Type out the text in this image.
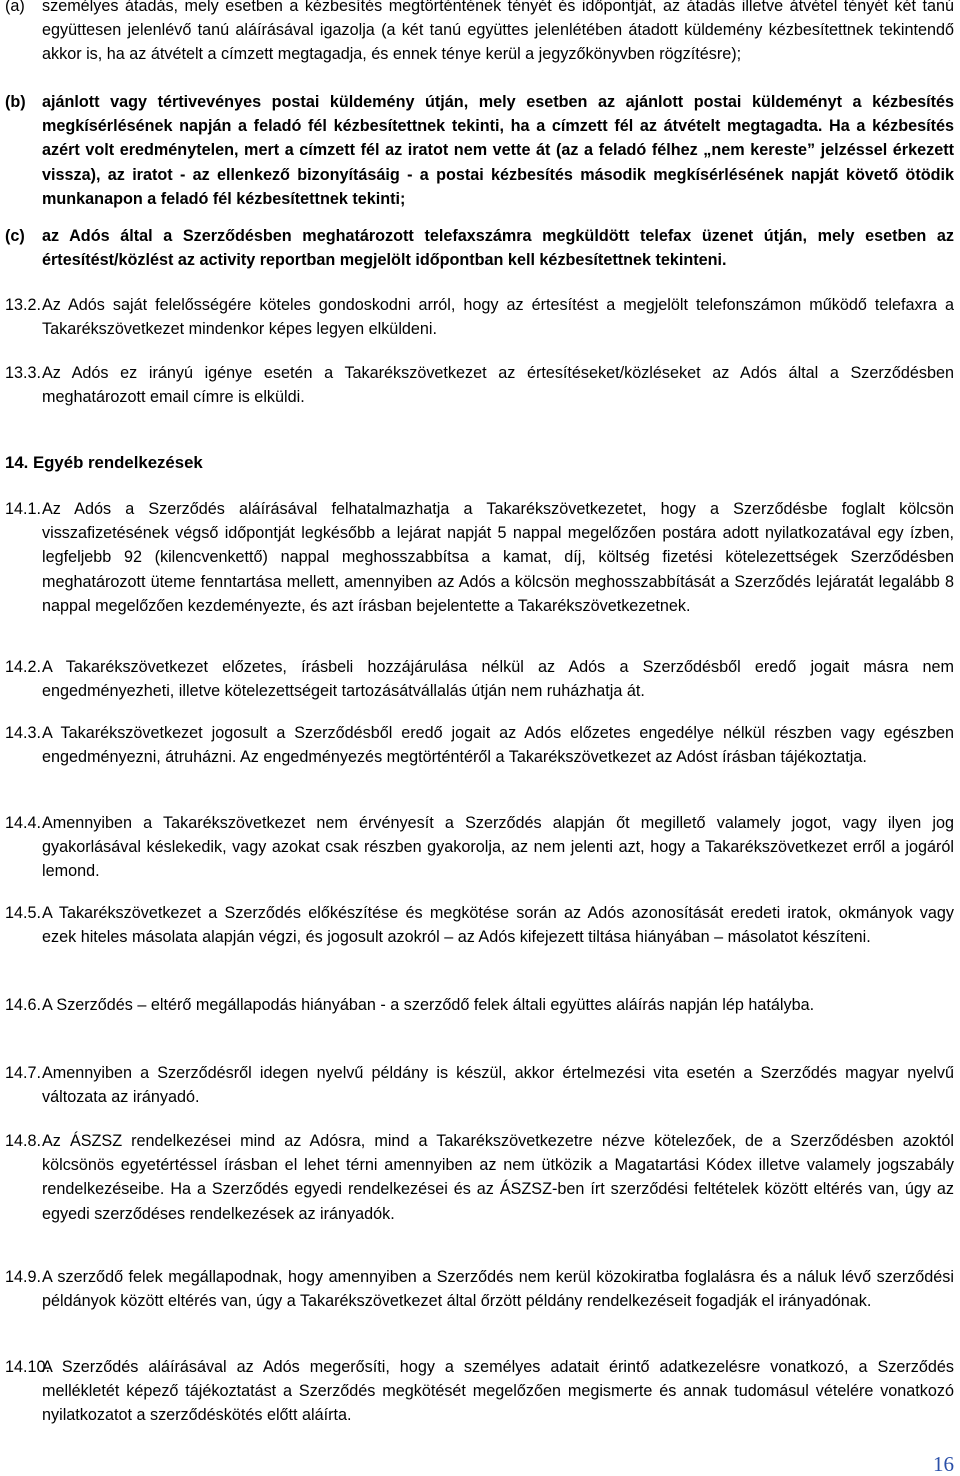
(a) személyes átadás, mely esetben a kézbesítés megtörténtének tényét és időpontját, az átadás illetve átvétel tényét két tanú együttesen jelenlévő tanú aláírásával igazolja (a két tanú együttes jelenlétében átadott küldemény kézbesítettnek tekintendő akkor is, ha az átvételt a címzett megtagadja, és ennek ténye kerül a jegyzőkönyvben rögzítésre);
(b) ajánlott vagy tértivevényes postai küldemény útján, mely esetben az ajánlott postai küldeményt a kézbesítés megkísérlésének napján a feladó fél kézbesítettnek tekinti, ha a címzett fél az átvételt megtagadta. Ha a kézbesítés azért volt eredménytelen, mert a címzett fél az iratot nem vette át (az a feladó félhez „nem kereste” jelzéssel érkezett vissza), az iratot - az ellenkező bizonyításáig - a postai kézbesítés második megkísérlésének napját követő ötödik munkanapon a feladó fél kézbesítettnek tekinti;
(c) az Adós által a Szerződésben meghatározott telefaxszámra megküldött telefax üzenet útján, mely esetben az értesítést/közlést az activity reportban megjelölt időpontban kell kézbesítettnek tekinteni.
13.2. Az Adós saját felelősségére köteles gondoskodni arról, hogy az értesítést a megjelölt telefonszámon működő telefaxra a Takarékszövetkezet mindenkor képes legyen elküldeni.
13.3. Az Adós ez irányú igénye esetén a Takarékszövetkezet az értesítéseket/közléseket az Adós által a Szerződésben meghatározott email címre is elküldi.
14. Egyéb rendelkezések
14.1. Az Adós a Szerződés aláírásával felhatalmazhatja a Takarékszövetkezetet, hogy a Szerződésbe foglalt kölcsön visszafizetésének végső időpontját legkésőbb a lejárat napját 5 nappal megelőzően postára adott nyilatkozatával egy ízben, legfeljebb 92 (kilencvenkettő) nappal meghosszabbítsa a kamat, díj, költség fizetési kötelezettségek Szerződésben meghatározott üteme fenntartása mellett, amennyiben az Adós a kölcsön meghosszabbítását a Szerződés lejáratát legalább 8 nappal megelőzően kezdeményezte, és azt írásban bejelentette a Takarékszövetkezetnek.
14.2. A Takarékszövetkezet előzetes, írásbeli hozzájárulása nélkül az Adós a Szerződésből eredő jogait másra nem engedményezheti, illetve kötelezettségeit tartozásátvállalás útján nem ruházhatja át.
14.3. A Takarékszövetkezet jogosult a Szerződésből eredő jogait az Adós előzetes engedélye nélkül részben vagy egészben engedményezni, átruházni. Az engedményezés megtörténtéről a Takarékszövetkezet az Adóst írásban tájékoztatja.
14.4. Amennyiben a Takarékszövetkezet nem érvényesít a Szerződés alapján őt megillető valamely jogot, vagy ilyen jog gyakorlásával késlekedik, vagy azokat csak részben gyakorolja, az nem jelenti azt, hogy a Takarékszövetkezet erről a jogáról lemond.
14.5. A Takarékszövetkezet a Szerződés előkészítése és megkötése során az Adós azonosítását eredeti iratok, okmányok vagy ezek hiteles másolata alapján végzi, és jogosult azokról – az Adós kifejezett tiltása hiányában – másolatot készíteni.
14.6. A Szerződés – eltérő megállapodás hiányában - a szerződő felek általi együttes aláírás napján lép hatályba.
14.7. Amennyiben a Szerződésről idegen nyelvű példány is készül, akkor értelmezési vita esetén a Szerződés magyar nyelvű változata az irányadó.
14.8. Az ÁSZSZ rendelkezései mind az Adósra, mind a Takarékszövetkezetre nézve kötelezőek, de a Szerződésben azoktól kölcsönös egyetértéssel írásban el lehet térni amennyiben az nem ütközik a Magatartási Kódex illetve valamely jogszabály rendelkezéseibe. Ha a Szerződés egyedi rendelkezései és az ÁSZSZ-ben írt szerződési feltételek között eltérés van, úgy az egyedi szerződéses rendelkezések az irányadók.
14.9. A szerződő felek megállapodnak, hogy amennyiben a Szerződés nem kerül közokiratba foglalásra és a náluk lévő szerződési példányok között eltérés van, úgy a Takarékszövetkezet által őrzött példány rendelkezéseit fogadják el irányadónak.
14.10.
A Szerződés aláírásával az Adós megerősíti, hogy a személyes adatait érintő adatkezelésre vonatkozó, a Szerződés mellékletét képező tájékoztatást a Szerződés megkötését megelőzően megismerte és annak tudomásul vételére vonatkozó nyilatkozatot a szerződéskötés előtt aláírta.
16
